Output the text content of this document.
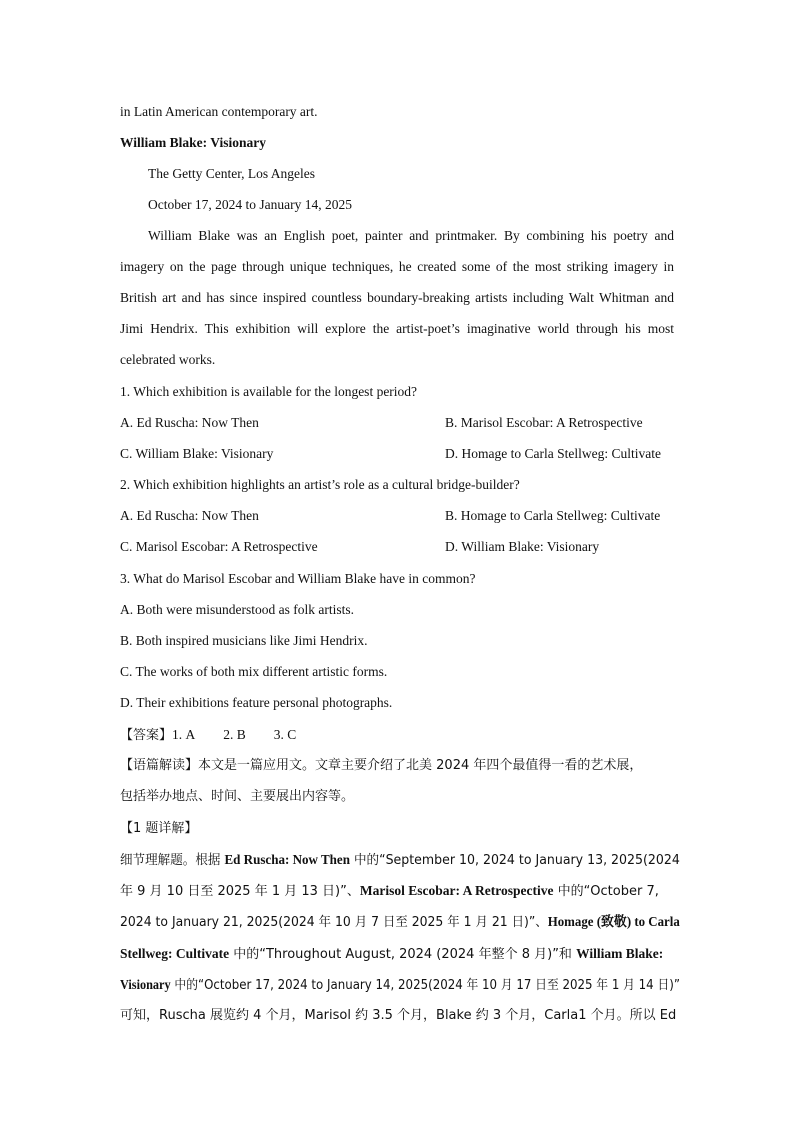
in Latin American contemporary art.
William Blake: Visionary
The Getty Center, Los Angeles
October 17, 2024 to January 14, 2025
William Blake was an English poet, painter and printmaker. By combining his poetry and
imagery on the page through unique techniques, he created some of the most striking imagery in
British art and has since inspired countless boundary-breaking artists including Walt Whitman and
Jimi Hendrix. This exhibition will explore the artist-poet’s imaginative world through his most
celebrated works.
1. Which exhibition is available for the longest period?
A. Ed Ruscha: Now Then	B. Marisol Escobar: A Retrospective
C. William Blake: Visionary	D. Homage to Carla Stellweg: Cultivate
2. Which exhibition highlights an artist’s role as a cultural bridge-builder?
A. Ed Ruscha: Now Then	B. Homage to Carla Stellweg: Cultivate
C. Marisol Escobar: A Retrospective	D. William Blake: Visionary
3. What do Marisol Escobar and William Blake have in common?
A. Both were misunderstood as folk artists.
B. Both inspired musicians like Jimi Hendrix.
C. The works of both mix different artistic forms.
D. Their exhibitions feature personal photographs.
【答案】1. A 2. B 3. C
【语篇解读】本文是一篇应用文。文章主要介绍了北美 2024 年四个最值得一看的艺术展，
包括举办地点、时间、主要展出内容等。
【1 题详解】
细节理解题。根据 Ed Ruscha: Now Then 中的“September 10, 2024 to January 13, 2025(2024
年 9 月 10 日至 2025 年 1 月 13 日)”、Marisol Escobar: A Retrospective 中的“October 7,
2024 to January 21, 2025(2024 年 10 月 7 日至 2025 年 1 月 21 日)”、Homage (致敬) to Carla
Stellweg: Cultivate 中的“Throughout August, 2024 (2024 年整个 8 月)”和 William Blake:
Visionary 中的“October 17, 2024 to January 14, 2025(2024 年 10 月 17 日至 2025 年 1 月 14 日)”
可知，Ruscha 展览约 4 个月，Marisol 约 3.5 个月，Blake 约 3 个月，Carla1 个月。所以 Ed
